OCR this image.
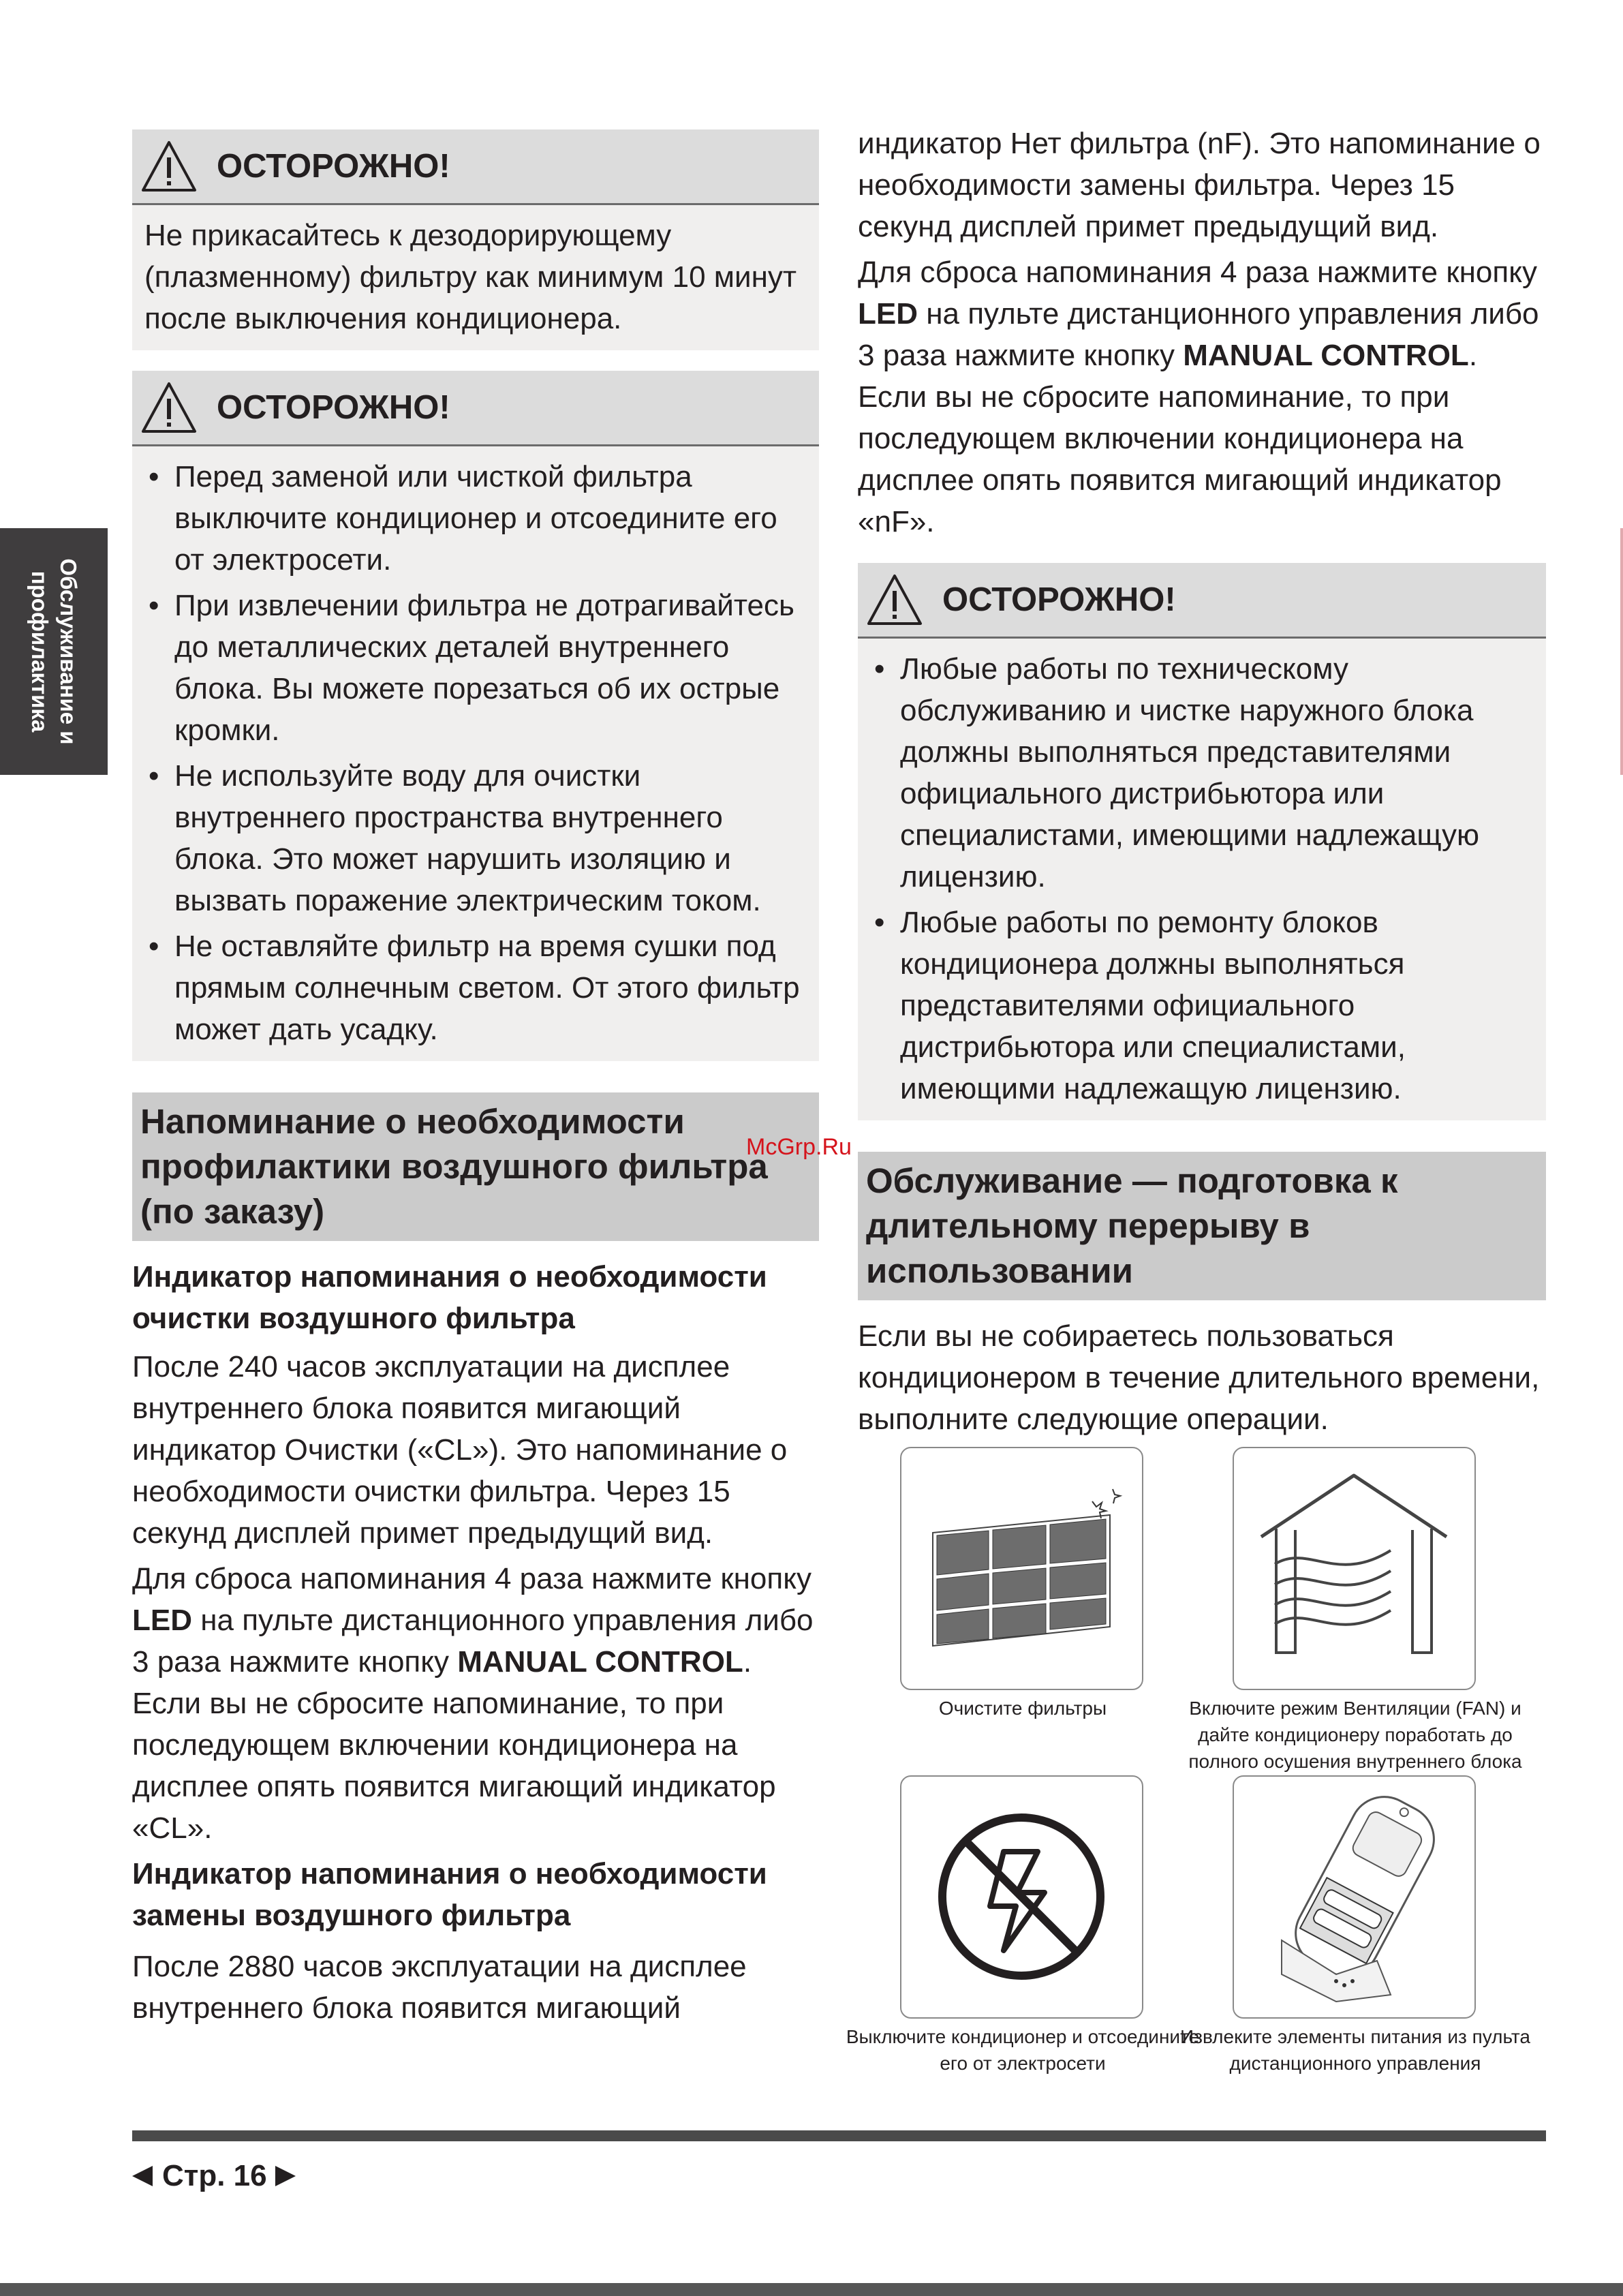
Обслуживание и
профилактика
ОСТОРОЖНО!

Не прикасайтесь к дезодорирующему (плазменному) фильтру как минимум 10 минут после выключения кондиционера.

ОСТОРОЖНО!
• Перед заменой или чисткой фильтра выключите кондиционер и отсоедините его от электросети.
• При извлечении фильтра не дотрагивайтесь до металлических деталей внутреннего блока. Вы можете порезаться об их острые кромки.
• Не используйте воду для очистки внутреннего пространства внутреннего блока. Это может нарушить изоляцию и вызвать поражение электрическим током.
• Не оставляйте фильтр на время сушки под прямым солнечным светом. От этого фильтр может дать усадку.
Напоминание о необходимости профилактики воздушного фильтра (по заказу)

Индикатор напоминания о необходимости очистки воздушного фильтра

После 240 часов эксплуатации на дисплее внутреннего блока появится мигающий индикатор Очистки («CL»). Это напоминание о необходимости очистки фильтра. Через 15 секунд дисплей примет предыдущий вид.

Для сброса напоминания 4 раза нажмите кнопку LED на пульте дистанционного управления либо 3 раза нажмите кнопку MANUAL CONTROL. Если вы не сбросите напоминание, то при последующем включении кондиционера на дисплее опять появится мигающий индикатор «CL».

Индикатор напоминания о необходимости замены воздушного фильтра

После 2880 часов эксплуатации на дисплее внутреннего блока появится мигающий

McGrp.Ru

индикатор Нет фильтра (nF). Это напоминание о необходимости замены фильтра. Через 15 секунд дисплей примет предыдущий вид.

Для сброса напоминания 4 раза нажмите кнопку LED на пульте дистанционного управления либо 3 раза нажмите кнопку MANUAL CONTROL. Если вы не сбросите напоминание, то при последующем включении кондиционера на дисплее опять появится мигающий индикатор «nF».

ОСТОРОЖНО!
• Любые работы по техническому обслуживанию и чистке наружного блока должны выполняться представителями официального дистрибьютора или специалистами, имеющими надлежащую лицензию.
• Любые работы по ремонту блоков кондиционера должны выполняться представителями официального дистрибьютора или специалистами, имеющими надлежащую лицензию.
Обслуживание — подготовка к длительному перерыву в использовании

Если вы не собираетесь пользоваться кондиционером в течение длительного времени, выполните следующие операции.

Очистите фильтры	Включите режим Вентиляции (FAN) и дайте кондиционеру поработать до полного осушения внутреннего блока
Выключите кондиционер и отсоедините его от электросети
Извлеките элементы питания из пульта дистанционного управления
Стр. 16
